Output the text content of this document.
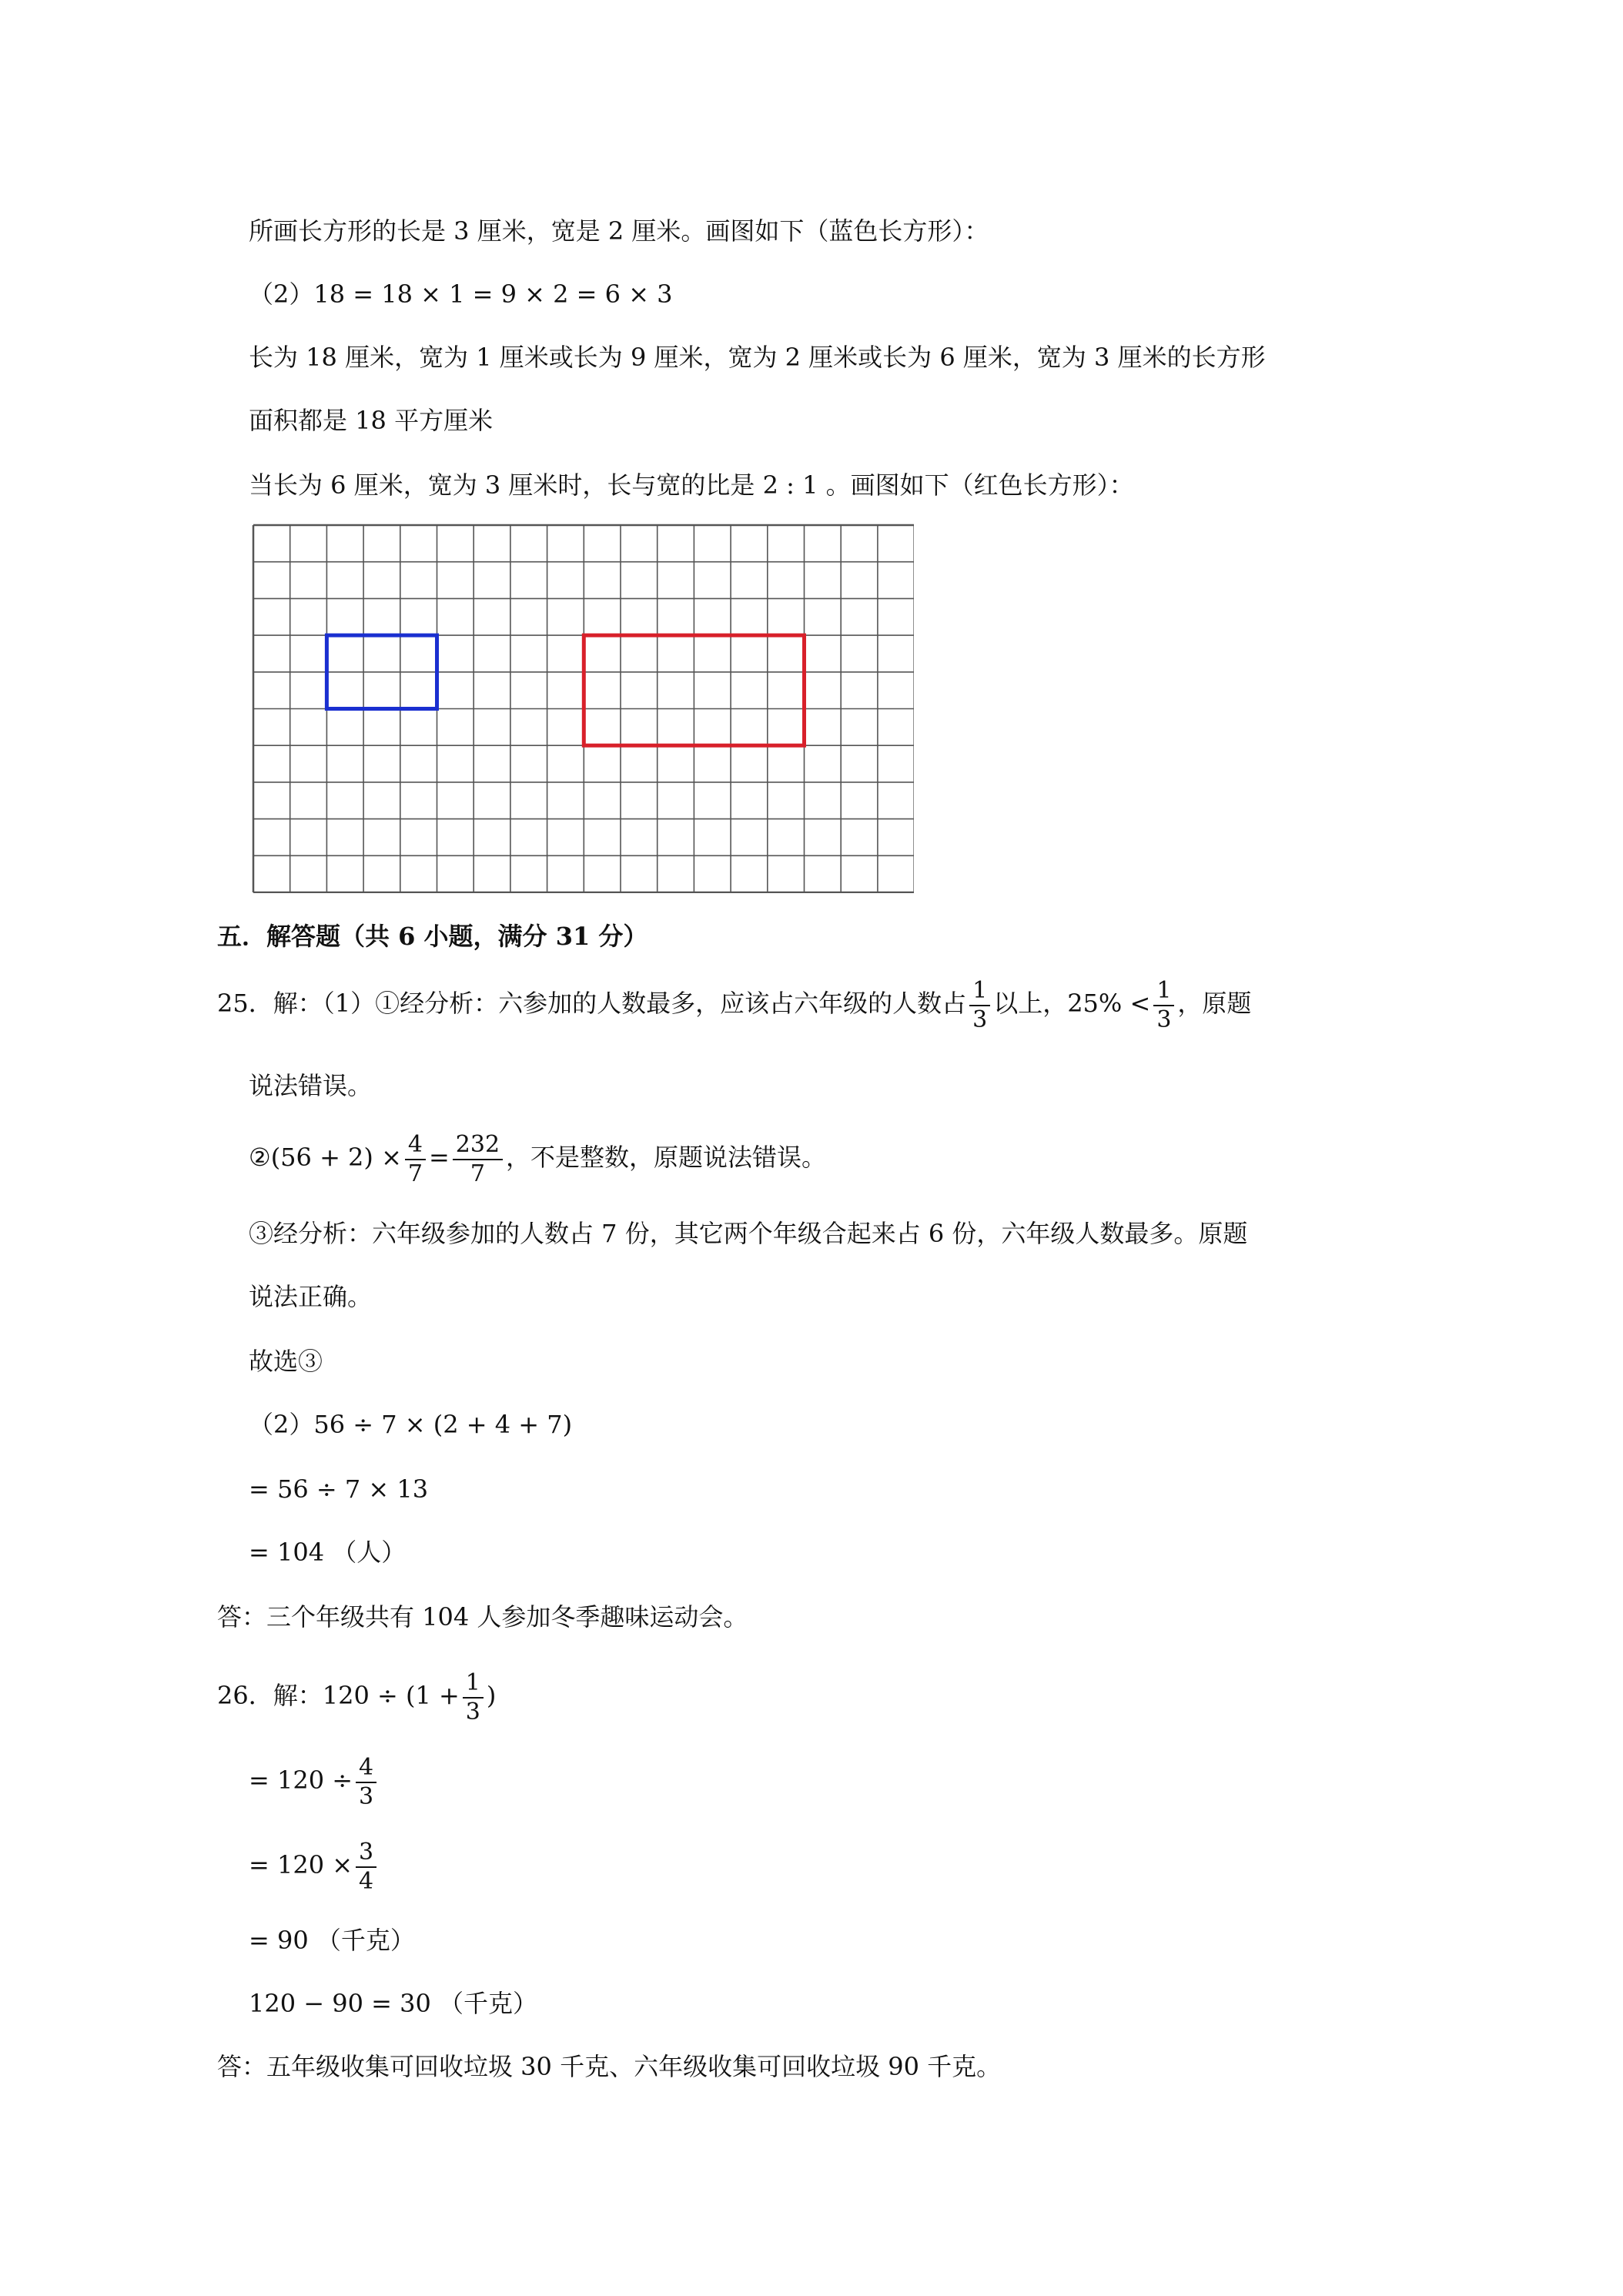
所画长方形的长是 3 厘米，宽是 2 厘米。画图如下（蓝色长方形）：
（2）18 = 18 × 1 = 9 × 2 = 6 × 3
长为 18 厘米，宽为 1 厘米或长为 9 厘米，宽为 2 厘米或长为 6 厘米，宽为 3 厘米的长方形
面积都是 18 平方厘米
当长为 6 厘米，宽为 3 厘米时，长与宽的比是 2 : 1 。画图如下（红色长方形）：
五．解答题（共 6 小题，满分 31 分）
25．解：（1）①经分析：六参加的人数最多，应该占六年级的人数占 $\frac{1}{3}$ 以上，$25\% < \frac{1}{3}$ ，原题
说法错误。
②(56 + $2) \times \frac{4}{7} = \frac{232}{7}$ ，不是整数，原题说法错误。
③经分析：六年级参加的人数占 7 份，其它两个年级合起来占 6 份，六年级人数最多。原题
说法正确。
故选③
（2）56 ÷ 7 × (2 + 4 + 7)
= 56 ÷ 7 × 13
= 104 （人）
答：三个年级共有 104 人参加冬季趣味运动会。
26．解：$120 \div (1 + \frac{1}{3}$ )
= $120 \div \frac{4}{3}$
= $120 \times \frac{3}{4}$
= 90 （千克）
120 − 90 = 30 （千克）
答：五年级收集可回收垃圾 30 千克、六年级收集可回收垃圾 90 千克。
